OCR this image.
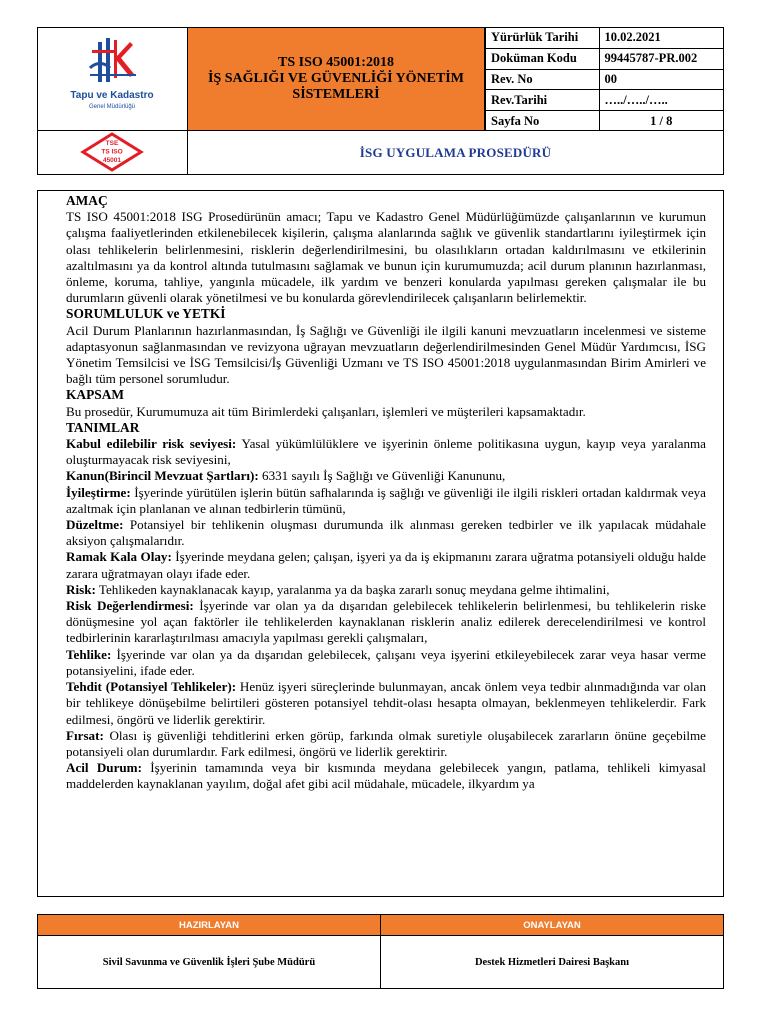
Tapu ve Kadastro
Genel Müdürlüğü
TS ISO 45001:2018
İŞ SAĞLIĞI VE GÜVENLİĞİ YÖNETİM
SİSTEMLERİ
Yürürlük Tarihi	10.02.2021
Doküman Kodu	99445787-PR.002
Rev. No	00
Rev.Tarihi	…../…../…..
Sayfa No	1 / 8
TSE
TS ISO
45001
İSG UYGULAMA PROSEDÜRÜ

AMAÇ

TS ISO 45001:2018 ISG Prosedürünün amacı; Tapu ve Kadastro Genel Müdürlüğümüzde çalışanlarının ve kurumun çalışma faaliyetlerinden etkilenebilecek kişilerin, çalışma alanlarında sağlık ve güvenlik standartlarını iyileştirmek için olası tehlikelerin belirlenmesini, risklerin değerlendirilmesini, bu olasılıkların ortadan kaldırılmasını ve etkilerinin azaltılmasını ya da kontrol altında tutulmasını sağlamak ve bunun için kurumumuzda; acil durum planının hazırlanması, önleme, koruma, tahliye, yangınla mücadele, ilk yardım ve benzeri konularda yapılması gereken çalışmalar ile bu durumların güvenli olarak yönetilmesi ve bu konularda görevlendirilecek çalışanların belirlemektir.

SORUMLULUK ve YETKİ

Acil Durum Planlarının hazırlanmasından, İş Sağlığı ve Güvenliği ile ilgili kanuni mevzuatların incelenmesi ve sisteme adaptasyonun sağlanmasından ve revizyona uğrayan mevzuatların değerlendirilmesinden Genel Müdür Yardımcısı, İSG Yönetim Temsilcisi ve İSG Temsilcisi/İş Güvenliği Uzmanı ve TS ISO 45001:2018 uygulanmasından Birim Amirleri ve bağlı tüm personel sorumludur.

KAPSAM

Bu prosedür, Kurumumuza ait tüm Birimlerdeki çalışanları, işlemleri ve müşterileri kapsamaktadır.

TANIMLAR

Kabul edilebilir risk seviyesi: Yasal yükümlülüklere ve işyerinin önleme politikasına uygun, kayıp veya yaralanma oluşturmayacak risk seviyesini,

Kanun(Birincil Mevzuat Şartları): 6331 sayılı İş Sağlığı ve Güvenliği Kanununu,

İyileştirme: İşyerinde yürütülen işlerin bütün safhalarında iş sağlığı ve güvenliği ile ilgili riskleri ortadan kaldırmak veya azaltmak için planlanan ve alınan tedbirlerin tümünü,

Düzeltme: Potansiyel bir tehlikenin oluşması durumunda ilk alınması gereken tedbirler ve ilk yapılacak müdahale aksiyon çalışmalarıdır.

Ramak Kala Olay: İşyerinde meydana gelen; çalışan, işyeri ya da iş ekipmanını zarara uğratma potansiyeli olduğu halde zarara uğratmayan olayı ifade eder.

Risk: Tehlikeden kaynaklanacak kayıp, yaralanma ya da başka zararlı sonuç meydana gelme ihtimalini,

Risk Değerlendirmesi: İşyerinde var olan ya da dışarıdan gelebilecek tehlikelerin belirlenmesi, bu tehlikelerin riske dönüşmesine yol açan faktörler ile tehlikelerden kaynaklanan risklerin analiz edilerek derecelendirilmesi ve kontrol tedbirlerinin kararlaştırılması amacıyla yapılması gerekli çalışmaları,

Tehlike: İşyerinde var olan ya da dışarıdan gelebilecek, çalışanı veya işyerini etkileyebilecek zarar veya hasar verme potansiyelini, ifade eder.

Tehdit (Potansiyel Tehlikeler): Henüz işyeri süreçlerinde bulunmayan, ancak önlem veya tedbir alınmadığında var olan bir tehlikeye dönüşebilme belirtileri gösteren potansiyel tehdit-olası hesapta olmayan, beklenmeyen tehlikelerdir. Fark edilmesi, öngörü ve liderlik gerektirir.

Fırsat: Olası iş güvenliği tehditlerini erken görüp, farkında olmak suretiyle oluşabilecek zararların önüne geçebilme potansiyeli olan durumlardır. Fark edilmesi, öngörü ve liderlik gerektirir.

Acil Durum: İşyerinin tamamında veya bir kısmında meydana gelebilecek yangın, patlama, tehlikeli kimyasal maddelerden kaynaklanan yayılım, doğal afet gibi acil müdahale, mücadele, ilkyardım ya

HAZIRLAYAN	ONAYLAYAN
Sivil Savunma ve Güvenlik İşleri Şube Müdürü	Destek Hizmetleri Dairesi Başkanı
